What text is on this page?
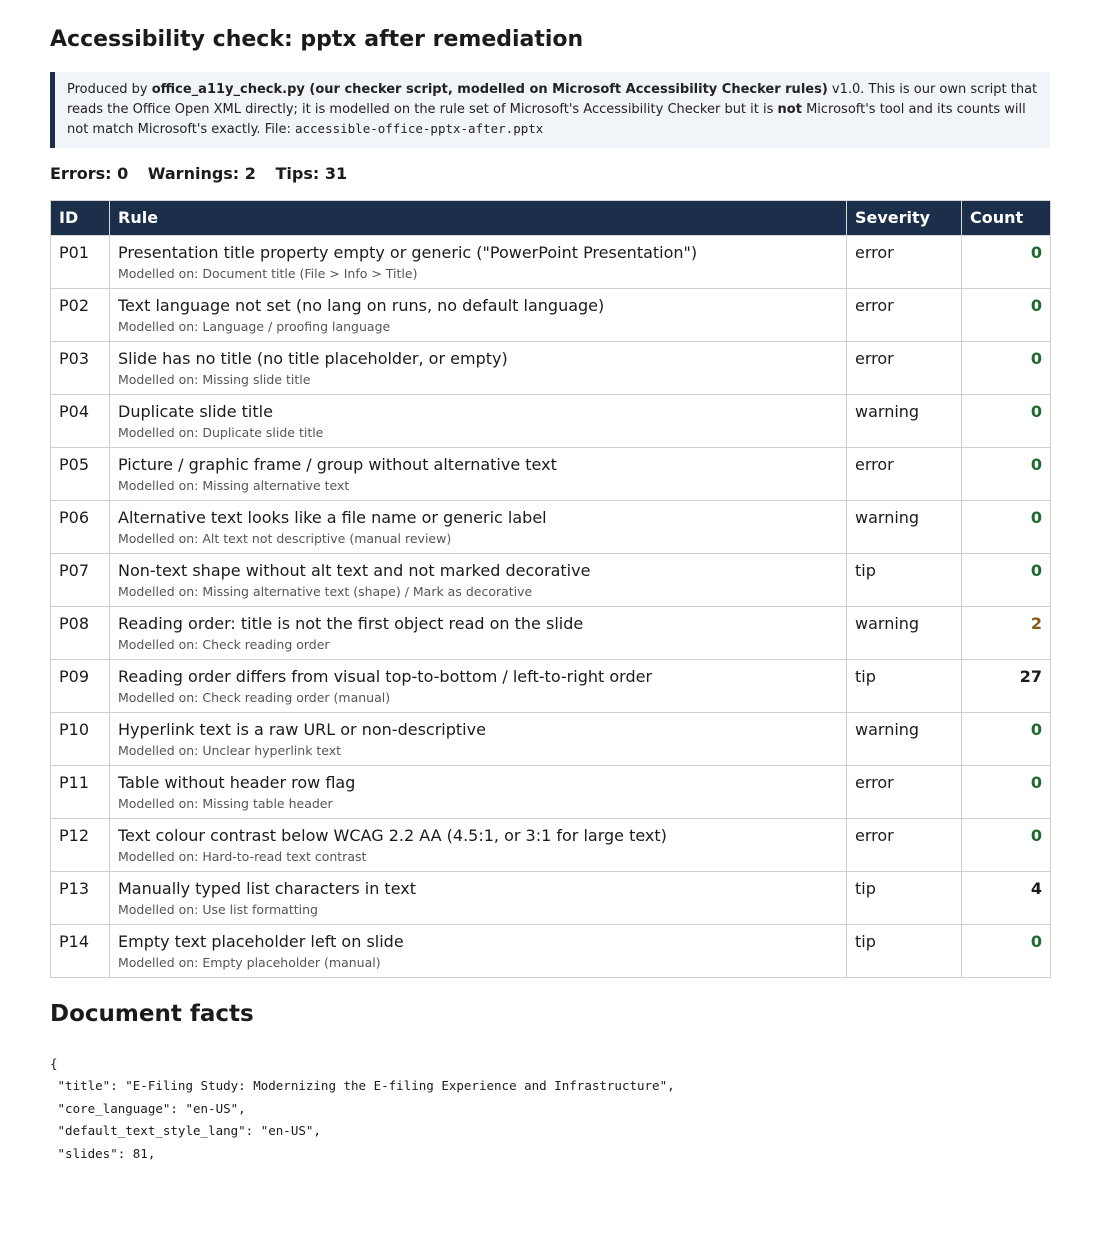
Accessibility check: pptx after remediation
Produced by office_a11y_check.py (our checker script, modelled on Microsoft Accessibility Checker rules) v1.0. This is our own script that reads the Office Open XML directly; it is modelled on the rule set of Microsoft's Accessibility Checker but it is not Microsoft's tool and its counts will not match Microsoft's exactly. File: accessible-office-pptx-after.pptx
Errors: 0 Warnings: 2 Tips: 31
ID	Rule	Severity	Count
P01	Presentation title property empty or generic ("PowerPoint Presentation")
Modelled on: Document title (File > Info > Title)	error	0
P02	Text language not set (no lang on runs, no default language)
Modelled on: Language / proofing language	error	0
P03	Slide has no title (no title placeholder, or empty)
Modelled on: Missing slide title	error	0
P04	Duplicate slide title
Modelled on: Duplicate slide title	warning	0
P05	Picture / graphic frame / group without alternative text
Modelled on: Missing alternative text	error	0
P06	Alternative text looks like a file name or generic label
Modelled on: Alt text not descriptive (manual review)	warning	0
P07	Non-text shape without alt text and not marked decorative
Modelled on: Missing alternative text (shape) / Mark as decorative	tip	0
P08	Reading order: title is not the first object read on the slide
Modelled on: Check reading order	warning	2
P09	Reading order differs from visual top-to-bottom / left-to-right order
Modelled on: Check reading order (manual)	tip	27
P10	Hyperlink text is a raw URL or non-descriptive
Modelled on: Unclear hyperlink text	warning	0
P11	Table without header row flag
Modelled on: Missing table header	error	0
P12	Text colour contrast below WCAG 2.2 AA (4.5:1, or 3:1 for large text)
Modelled on: Hard-to-read text contrast	error	0
P13	Manually typed list characters in text
Modelled on: Use list formatting	tip	4
P14	Empty text placeholder left on slide
Modelled on: Empty placeholder (manual)	tip	0
Document facts
{
"title": "E-Filing Study: Modernizing the E-filing Experience and Infrastructure",
"core_language": "en-US",
"default_text_style_lang": "en-US",
"slides": 81,
